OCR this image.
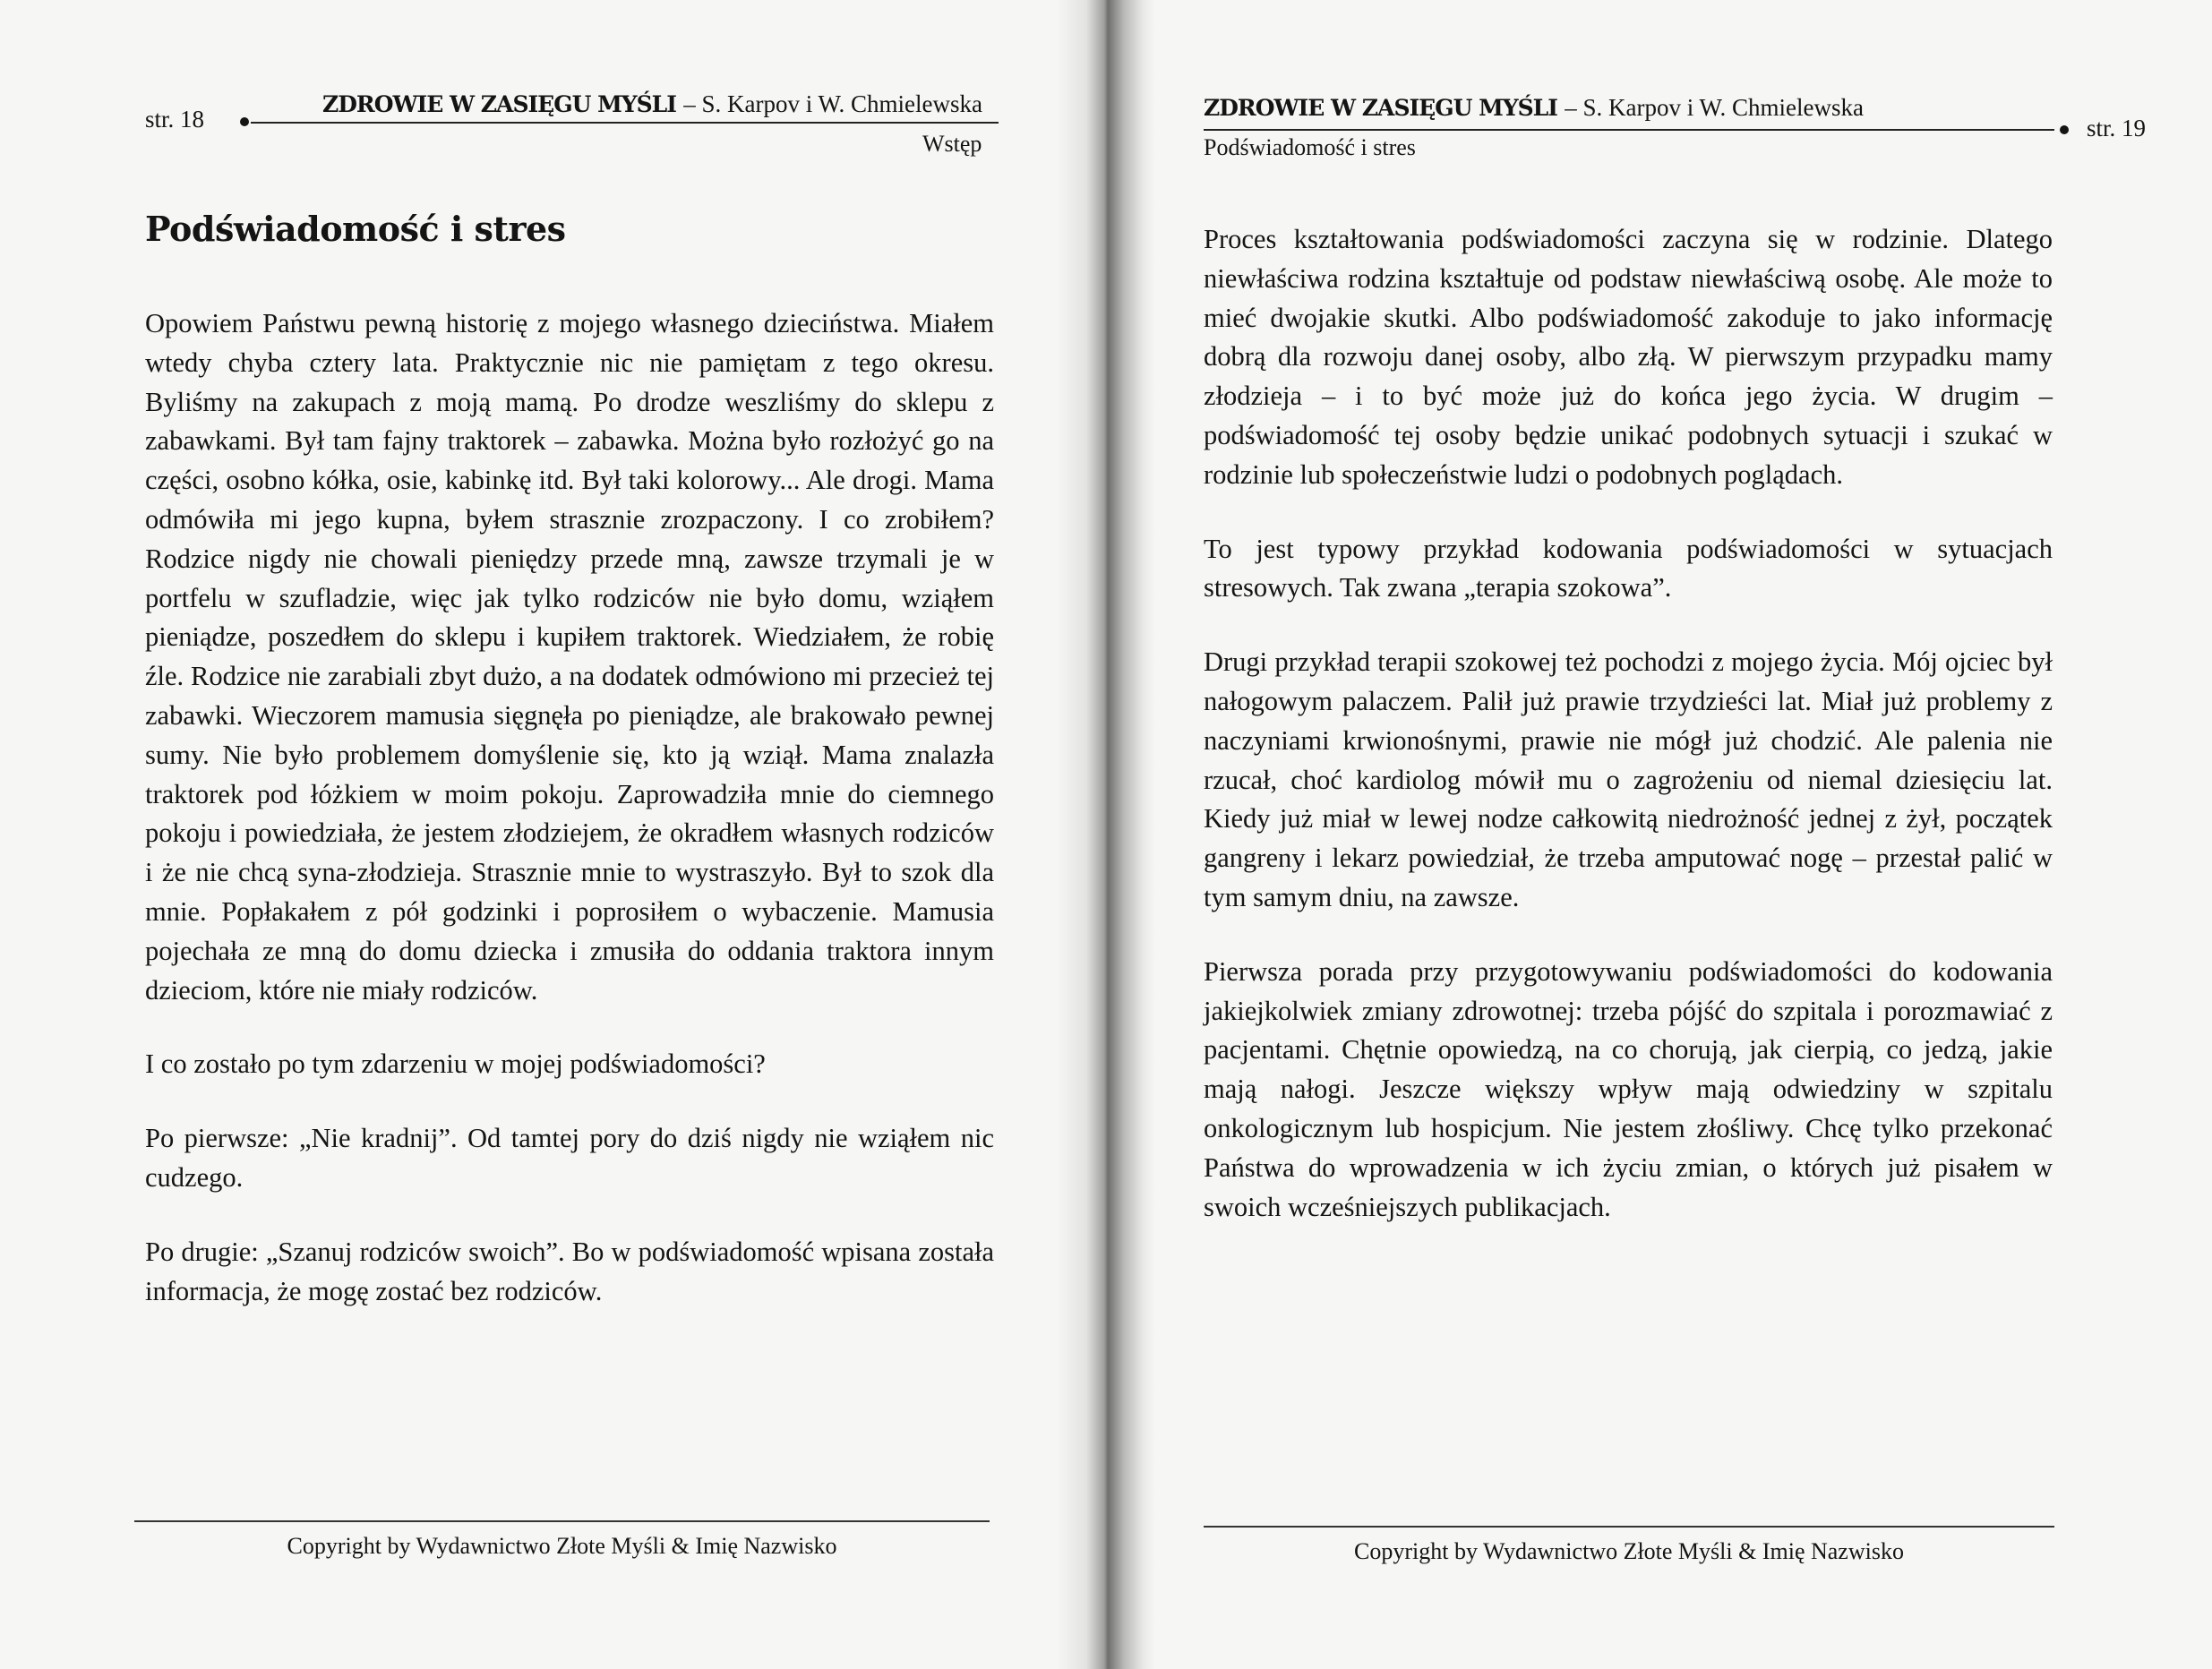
str. 18
ZDROWIE W ZASIĘGU MYŚLI – S. Karpov i W. Chmielewska
Wstęp
Podświadomość i stres

Opowiem Państwu pewną historię z mojego własnego dzieciństwa. Miałem wtedy chyba cztery lata. Praktycznie nic nie pamiętam z tego okresu. Byliśmy na zakupach z moją mamą. Po drodze weszliśmy do sklepu z zabawkami. Był tam fajny traktorek – zabawka. Można było rozłożyć go na części, osobno kółka, osie, kabinkę itd. Był taki kolorowy... Ale drogi. Mama odmówiła mi jego kupna, byłem strasznie zrozpaczony. I co zrobiłem? Rodzice nigdy nie chowali pieniędzy przede mną, zawsze trzymali je w portfelu w szufladzie, więc jak tylko rodziców nie było domu, wziąłem pieniądze, poszedłem do sklepu i kupiłem traktorek. Wiedziałem, że robię źle. Rodzice nie zarabiali zbyt dużo, a na dodatek odmówiono mi przecież tej zabawki. Wieczorem mamusia sięgnęła po pieniądze, ale brakowało pewnej sumy. Nie było problemem domyślenie się, kto ją wziął. Mama znalazła traktorek pod łóżkiem w moim pokoju. Zaprowadziła mnie do ciemnego pokoju i powiedziała, że jestem złodziejem, że okradłem własnych rodziców i że nie chcą syna-złodzieja. Strasznie mnie to wystraszyło. Był to szok dla mnie. Popłakałem z pół godzinki i poprosiłem o wybaczenie. Mamusia pojechała ze mną do domu dziecka i zmusiła do oddania traktora innym dzieciom, które nie miały rodziców.

I co zostało po tym zdarzeniu w mojej podświadomości?

Po pierwsze: „Nie kradnij”. Od tamtej pory do dziś nigdy nie wziąłem nic cudzego.

Po drugie: „Szanuj rodziców swoich”. Bo w podświadomość wpisana została informacja, że mogę zostać bez rodziców.

Copyright by Wydawnictwo Złote Myśli & Imię Nazwisko
ZDROWIE W ZASIĘGU MYŚLI – S. Karpov i W. Chmielewska
str. 19
Podświadomość i stres

Proces kształtowania podświadomości zaczyna się w rodzinie. Dlatego niewłaściwa rodzina kształtuje od podstaw niewłaściwą osobę. Ale może to mieć dwojakie skutki. Albo podświadomość zakoduje to jako informację dobrą dla rozwoju danej osoby, albo złą. W pierwszym przypadku mamy złodzieja – i to być może już do końca jego życia. W drugim – podświadomość tej osoby będzie unikać podobnych sytuacji i szukać w rodzinie lub społeczeństwie ludzi o podobnych poglądach.

To jest typowy przykład kodowania podświadomości w sytuacjach stresowych. Tak zwana „terapia szokowa”.

Drugi przykład terapii szokowej też pochodzi z mojego życia. Mój ojciec był nałogowym palaczem. Palił już prawie trzydzieści lat. Miał już problemy z naczyniami krwionośnymi, prawie nie mógł już chodzić. Ale palenia nie rzucał, choć kardiolog mówił mu o zagrożeniu od niemal dziesięciu lat. Kiedy już miał w lewej nodze całkowitą niedrożność jednej z żył, początek gangreny i lekarz powiedział, że trzeba amputować nogę – przestał palić w tym samym dniu, na zawsze.

Pierwsza porada przy przygotowywaniu podświadomości do kodowania jakiejkolwiek zmiany zdrowotnej: trzeba pójść do szpitala i porozmawiać z pacjentami. Chętnie opowiedzą, na co chorują, jak cierpią, co jedzą, jakie mają nałogi. Jeszcze większy wpływ mają odwiedziny w szpitalu onkologicznym lub hospicjum. Nie jestem złośliwy. Chcę tylko przekonać Państwa do wprowadzenia w ich życiu zmian, o których już pisałem w swoich wcześniejszych publikacjach.

Copyright by Wydawnictwo Złote Myśli & Imię Nazwisko
